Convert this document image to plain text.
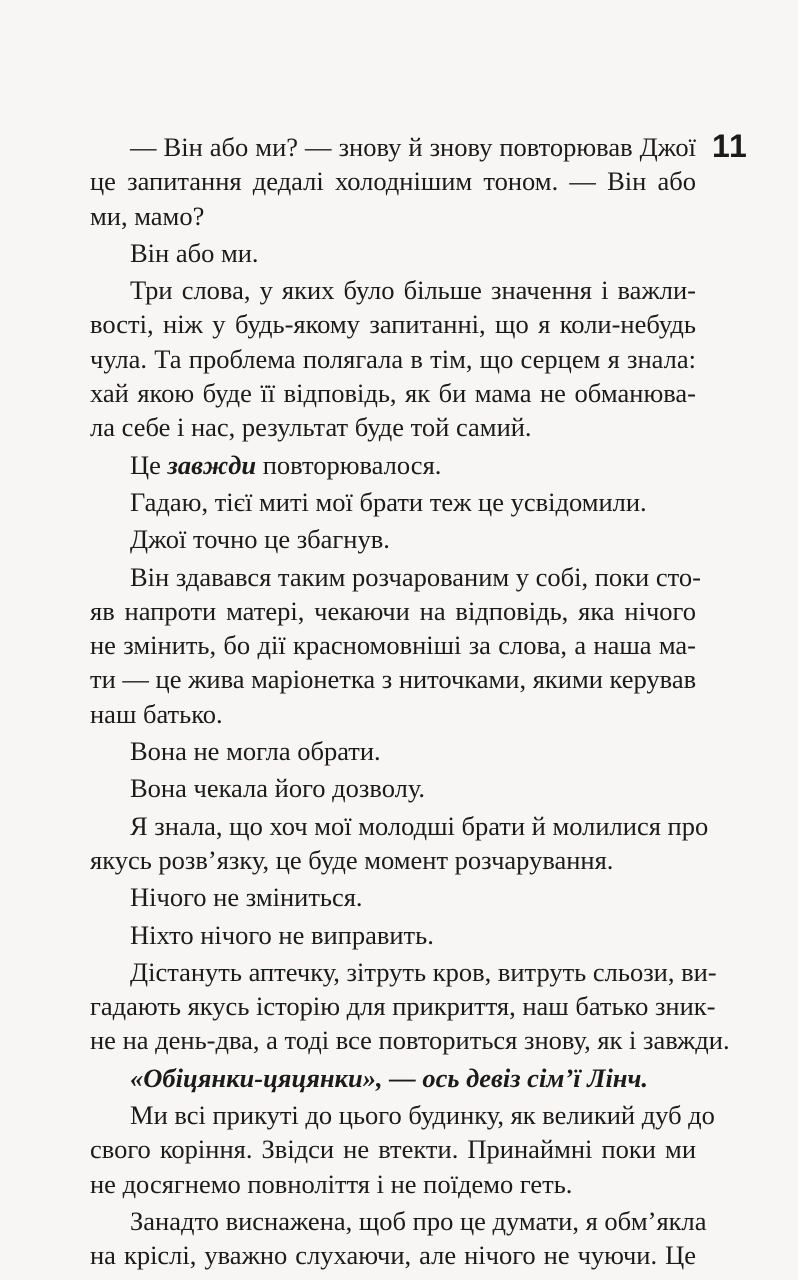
11
— Він або ми? — знову й знову повторював Джої
це запитання дедалі холоднішим тоном. — Він або
ми, мамо?
Він або ми.
Три слова, у яких було більше значення і важли-
вості, ніж у будь-якому запитанні, що я коли-небудь
чула. Та проблема полягала в тім, що серцем я знала:
хай якою буде її відповідь, як би мама не обманюва-
ла себе і нас, результат буде той самий.
Це завжди повторювалося.
Гадаю, тієї миті мої брати теж це усвідомили.
Джої точно це збагнув.
Він здавався таким розчарованим у собі, поки сто-
яв напроти матері, чекаючи на відповідь, яка нічого
не змінить, бо дії красномовніші за слова, а наша ма-
ти — це жива маріонетка з ниточками, якими керував
наш батько.
Вона не могла обрати.
Вона чекала його дозволу.
Я знала, що хоч мої молодші брати й молилися про
якусь розв’язку, це буде момент розчарування.
Нічого не зміниться.
Ніхто нічого не виправить.
Дістануть аптечку, зітруть кров, витруть сльози, ви-
гадають якусь історію для прикриття, наш батько зник-
не на день-два, а тоді все повториться знову, як і завжди.
«Обіцянки-цяцянки», — ось девіз сім’ї Лінч.
Ми всі прикуті до цього будинку, як великий дуб до
свого коріння. Звідси не втекти. Принаймні поки ми
не досягнемо повноліття і не поїдемо геть.
Занадто виснажена, щоб про це думати, я обм’якла
на кріслі, уважно слухаючи, але нічого не чуючи. Це
